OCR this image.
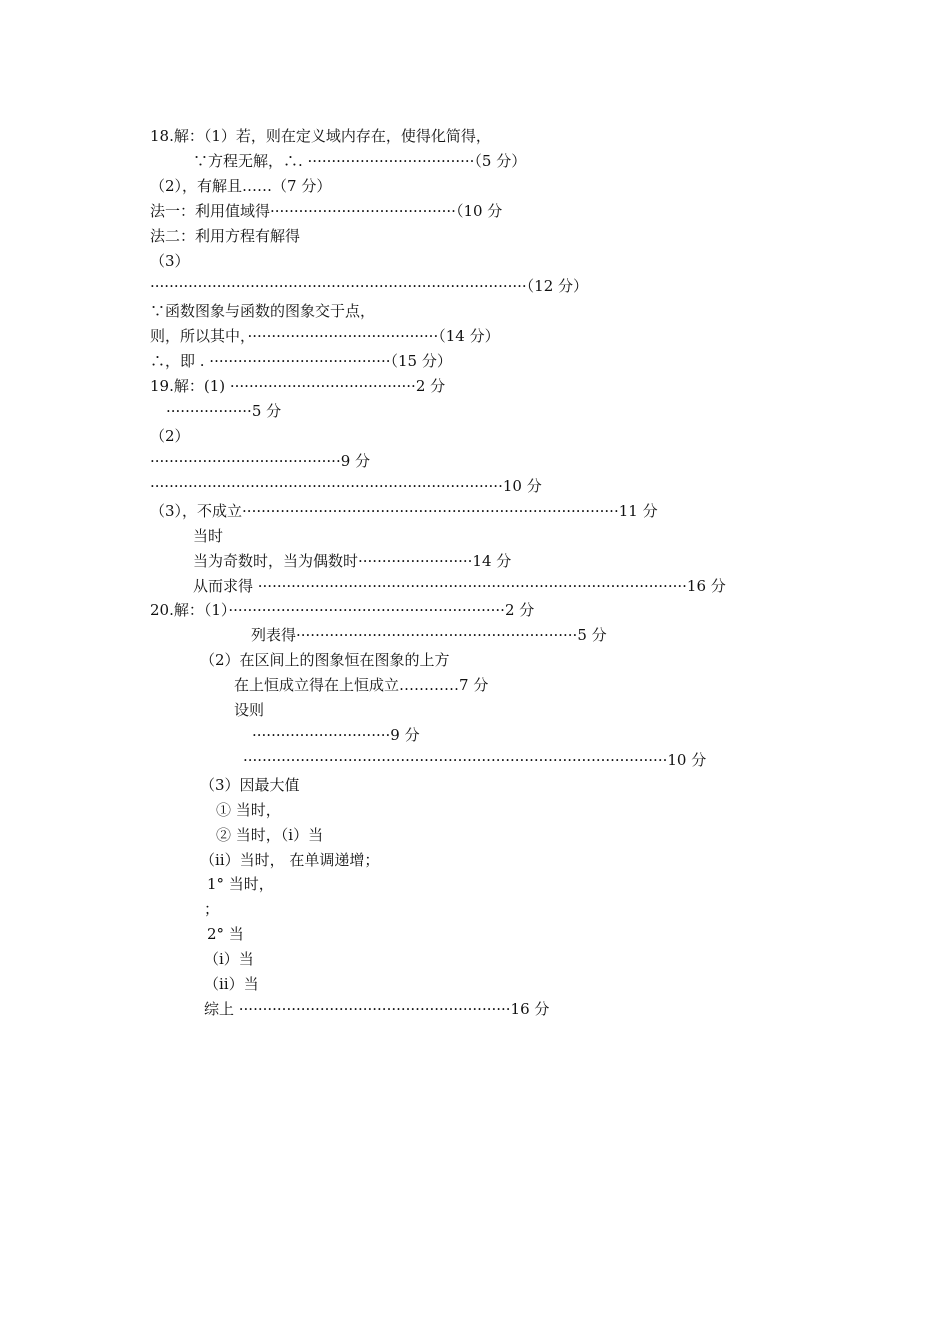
18.解：（1）若，则在定义域内存在，使得化简得，
∵方程无解，∴. ···································（5 分）
（2），有解且……（7 分）
法一：利用值域得·······································（10 分
法二：利用方程有解得
（3）
···············································································（12 分）
∵函数图象与函数的图象交于点，
则，所以其中，········································（14 分）
∴，即 . ······································（15 分）
19.解：(1) ·······································2 分
··················5 分
（2）
········································9 分
··········································································10 分
（3），不成立···············································································11 分
当时
当为奇数时，当为偶数时························14 分
从而求得 ··························································································16 分
20.解：（1）··························································2 分
列表得···························································5 分
（2）在区间上的图象恒在图象的上方
在上恒成立得在上恒成立…………7 分
设则
·····························9 分
·························································································10 分
（3）因最大值
① 当时，
② 当时，（ⅰ）当
（ⅱ）当时， 在单调递增；
1° 当时，
；
2° 当
（ⅰ）当
（ⅱ）当
综上 ·························································16 分
